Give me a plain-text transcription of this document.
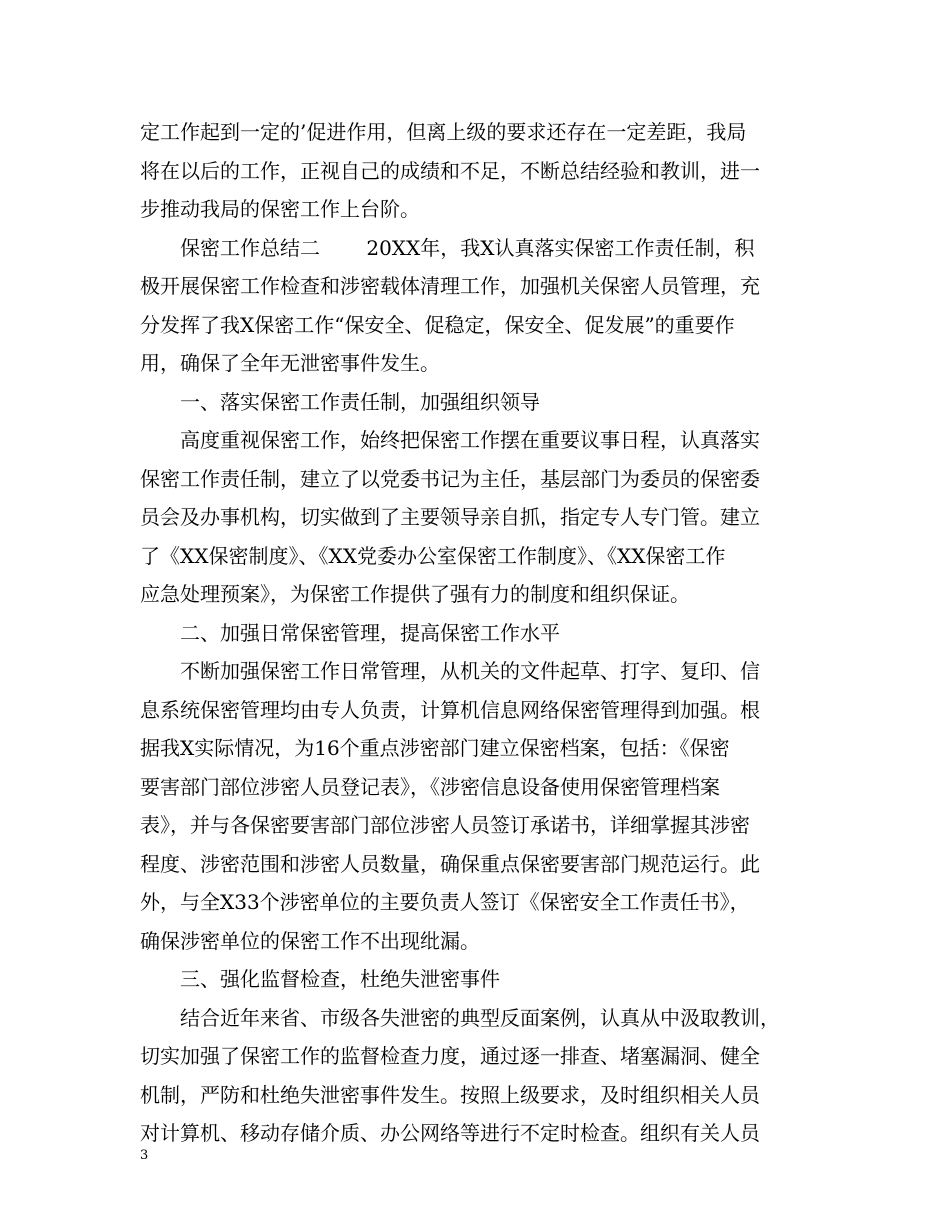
定工作起到一定的’促进作用，但离上级的要求还存在一定差距，我局
将在以后的工作，正视自己的成绩和不足，不断总结经验和教训，进一
步推动我局的保密工作上台阶。
　　保密工作总结二　　 20XX年，我X认真落实保密工作责任制，积
极开展保密工作检查和涉密载体清理工作，加强机关保密人员管理，充
分发挥了我X保密工作“保安全、促稳定，保安全、促发展”的重要作
用，确保了全年无泄密事件发生。
　　一、落实保密工作责任制，加强组织领导
　　高度重视保密工作，始终把保密工作摆在重要议事日程，认真落实
保密工作责任制，建立了以党委书记为主任，基层部门为委员的保密委
员会及办事机构，切实做到了主要领导亲自抓，指定专人专门管。建立
了《XX保密制度》、《XX党委办公室保密工作制度》、《XX保密工作
应急处理预案》，为保密工作提供了强有力的制度和组织保证。
　　二、加强日常保密管理，提高保密工作水平
　　不断加强保密工作日常管理，从机关的文件起草、打字、复印、信
息系统保密管理均由专人负责，计算机信息网络保密管理得到加强。根
据我X实际情况，为16个重点涉密部门建立保密档案，包括：《保密
要害部门部位涉密人员登记表》，《涉密信息设备使用保密管理档案
表》，并与各保密要害部门部位涉密人员签订承诺书，详细掌握其涉密
程度、涉密范围和涉密人员数量，确保重点保密要害部门规范运行。此
外，与全X33个涉密单位的主要负责人签订《保密安全工作责任书》，
确保涉密单位的保密工作不出现纰漏。
　　三、强化监督检查，杜绝失泄密事件
　　结合近年来省、市级各失泄密的典型反面案例，认真从中汲取教训，
切实加强了保密工作的监督检查力度，通过逐一排查、堵塞漏洞、健全
机制，严防和杜绝失泄密事件发生。按照上级要求，及时组织相关人员
对计算机、移动存储介质、办公网络等进行不定时检查。组织有关人员
3
